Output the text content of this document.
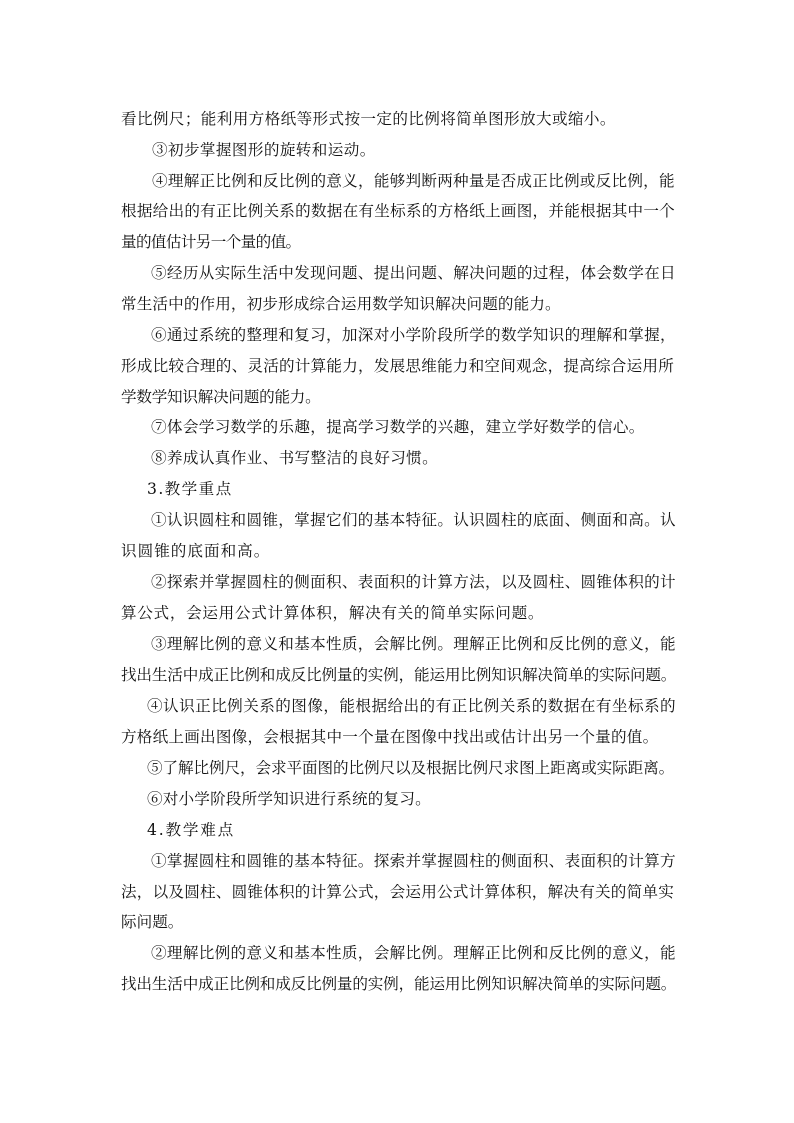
看比例尺；能利用方格纸等形式按一定的比例将简单图形放大或缩小。
③初步掌握图形的旋转和运动。
④理解正比例和反比例的意义，能够判断两种量是否成正比例或反比例，能
根据给出的有正比例关系的数据在有坐标系的方格纸上画图，并能根据其中一个
量的值估计另一个量的值。
⑤经历从实际生活中发现问题、提出问题、解决问题的过程，体会数学在日
常生活中的作用，初步形成综合运用数学知识解决问题的能力。
⑥通过系统的整理和复习，加深对小学阶段所学的数学知识的理解和掌握，
形成比较合理的、灵活的计算能力，发展思维能力和空间观念，提高综合运用所
学数学知识解决问题的能力。
⑦体会学习数学的乐趣，提高学习数学的兴趣，建立学好数学的信心。
⑧养成认真作业、书写整洁的良好习惯。
3.教学重点
①认识圆柱和圆锥，掌握它们的基本特征。认识圆柱的底面、侧面和高。认
识圆锥的底面和高。
②探索并掌握圆柱的侧面积、表面积的计算方法，以及圆柱、圆锥体积的计
算公式，会运用公式计算体积，解决有关的简单实际问题。
③理解比例的意义和基本性质，会解比例。理解正比例和反比例的意义，能
找出生活中成正比例和成反比例量的实例，能运用比例知识解决简单的实际问题。
④认识正比例关系的图像，能根据给出的有正比例关系的数据在有坐标系的
方格纸上画出图像，会根据其中一个量在图像中找出或估计出另一个量的值。
⑤了解比例尺，会求平面图的比例尺以及根据比例尺求图上距离或实际距离。
⑥对小学阶段所学知识进行系统的复习。
4.教学难点
①掌握圆柱和圆锥的基本特征。探索并掌握圆柱的侧面积、表面积的计算方
法，以及圆柱、圆锥体积的计算公式，会运用公式计算体积，解决有关的简单实
际问题。
②理解比例的意义和基本性质，会解比例。理解正比例和反比例的意义，能
找出生活中成正比例和成反比例量的实例，能运用比例知识解决简单的实际问题。
